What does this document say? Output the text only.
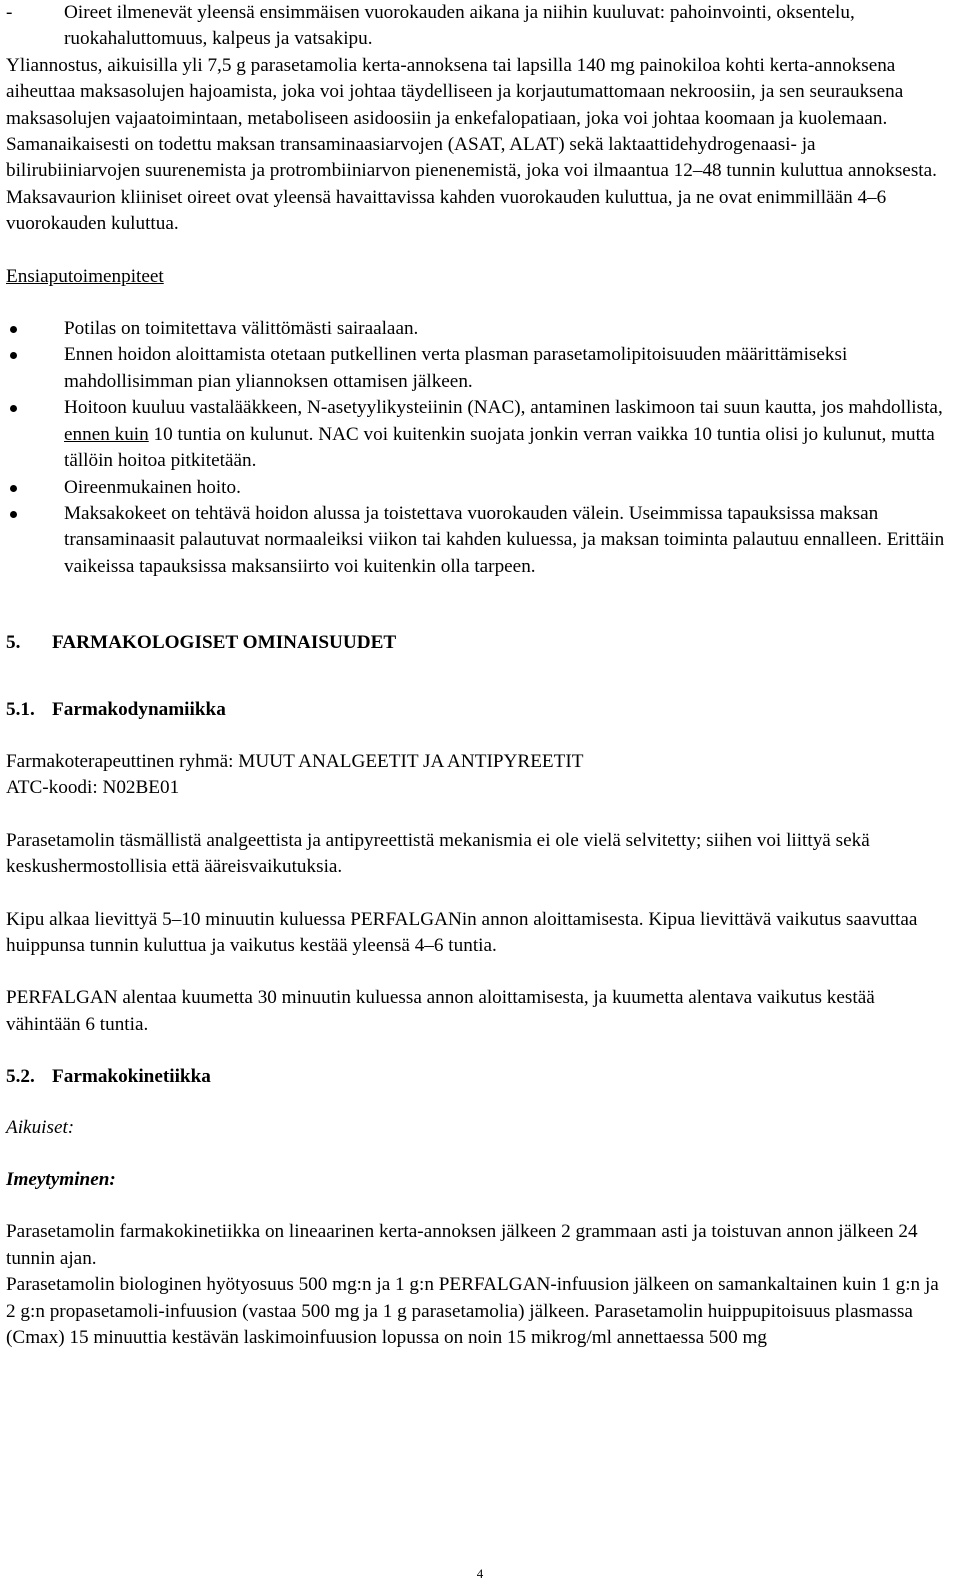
-	Oireet ilmenevät yleensä ensimmäisen vuorokauden aikana ja niihin kuuluvat: pahoinvointi, oksentelu, ruokahaluttomuus, kalpeus ja vatsakipu.

Yliannostus, aikuisilla yli 7,5 g parasetamolia kerta-annoksena tai lapsilla 140 mg painokiloa kohti kerta-annoksena aiheuttaa maksasolujen hajoamista, joka voi johtaa täydelliseen ja korjautumattomaan nekroosiin, ja sen seurauksena maksasolujen vajaatoimintaan, metaboliseen asidoosiin ja enkefalopatiaan, joka voi johtaa koomaan ja kuolemaan. Samanaikaisesti on todettu maksan transaminaasiarvojen (ASAT, ALAT) sekä laktaattidehydrogenaasi- ja bilirubiiniarvojen suurenemista ja protrombiiniarvon pienenemistä, joka voi ilmaantua 12–48 tunnin kuluttua annoksesta. Maksavaurion kliiniset oireet ovat yleensä havaittavissa kahden vuorokauden kuluttua, ja ne ovat enimmillään 4–6 vuorokauden kuluttua.

Ensiaputoimenpiteet

Potilas on toimitettava välittömästi sairaalaan.
Ennen hoidon aloittamista otetaan putkellinen verta plasman parasetamolipitoisuuden määrittämiseksi mahdollisimman pian yliannoksen ottamisen jälkeen.
Hoitoon kuuluu vastalääkkeen, N-asetyylikysteiinin (NAC), antaminen laskimoon tai suun kautta, jos mahdollista, ennen kuin 10 tuntia on kulunut. NAC voi kuitenkin suojata jonkin verran vaikka 10 tuntia olisi jo kulunut, mutta tällöin hoitoa pitkitetään.
Oireenmukainen hoito.
Maksakokeet on tehtävä hoidon alussa ja toistettava vuorokauden välein. Useimmissa tapauksissa maksan transaminaasit palautuvat normaaleiksi viikon tai kahden kuluessa, ja maksan toiminta palautuu ennalleen. Erittäin vaikeissa tapauksissa maksansiirto voi kuitenkin olla tarpeen.

5. FARMAKOLOGISET OMINAISUUDET

5.1. Farmakodynamiikka

Farmakoterapeuttinen ryhmä: MUUT ANALGEETIT JA ANTIPYREETIT

ATC-koodi: N02BE01

Parasetamolin täsmällistä analgeettista ja antipyreettistä mekanismia ei ole vielä selvitetty; siihen voi liittyä sekä keskushermostollisia että ääreisvaikutuksia.

Kipu alkaa lievittyä 5–10 minuutin kuluessa PERFALGANin annon aloittamisesta. Kipua lievittävä vaikutus saavuttaa huippunsa tunnin kuluttua ja vaikutus kestää yleensä 4–6 tuntia.

PERFALGAN alentaa kuumetta 30 minuutin kuluessa annon aloittamisesta, ja kuumetta alentava vaikutus kestää vähintään 6 tuntia.

5.2. Farmakokinetiikka

Aikuiset:

Imeytyminen:

Parasetamolin farmakokinetiikka on lineaarinen kerta-annoksen jälkeen 2 grammaan asti ja toistuvan annon jälkeen 24 tunnin ajan.

Parasetamolin biologinen hyötyosuus 500 mg:n ja 1 g:n PERFALGAN-infuusion jälkeen on samankaltainen kuin 1 g:n ja 2 g:n propasetamoli-infuusion (vastaa 500 mg ja 1 g parasetamolia) jälkeen. Parasetamolin huippupitoisuus plasmassa (Cmax) 15 minuuttia kestävän laskimoinfuusion lopussa on noin 15 mikrog/ml annettaessa 500 mg

4
